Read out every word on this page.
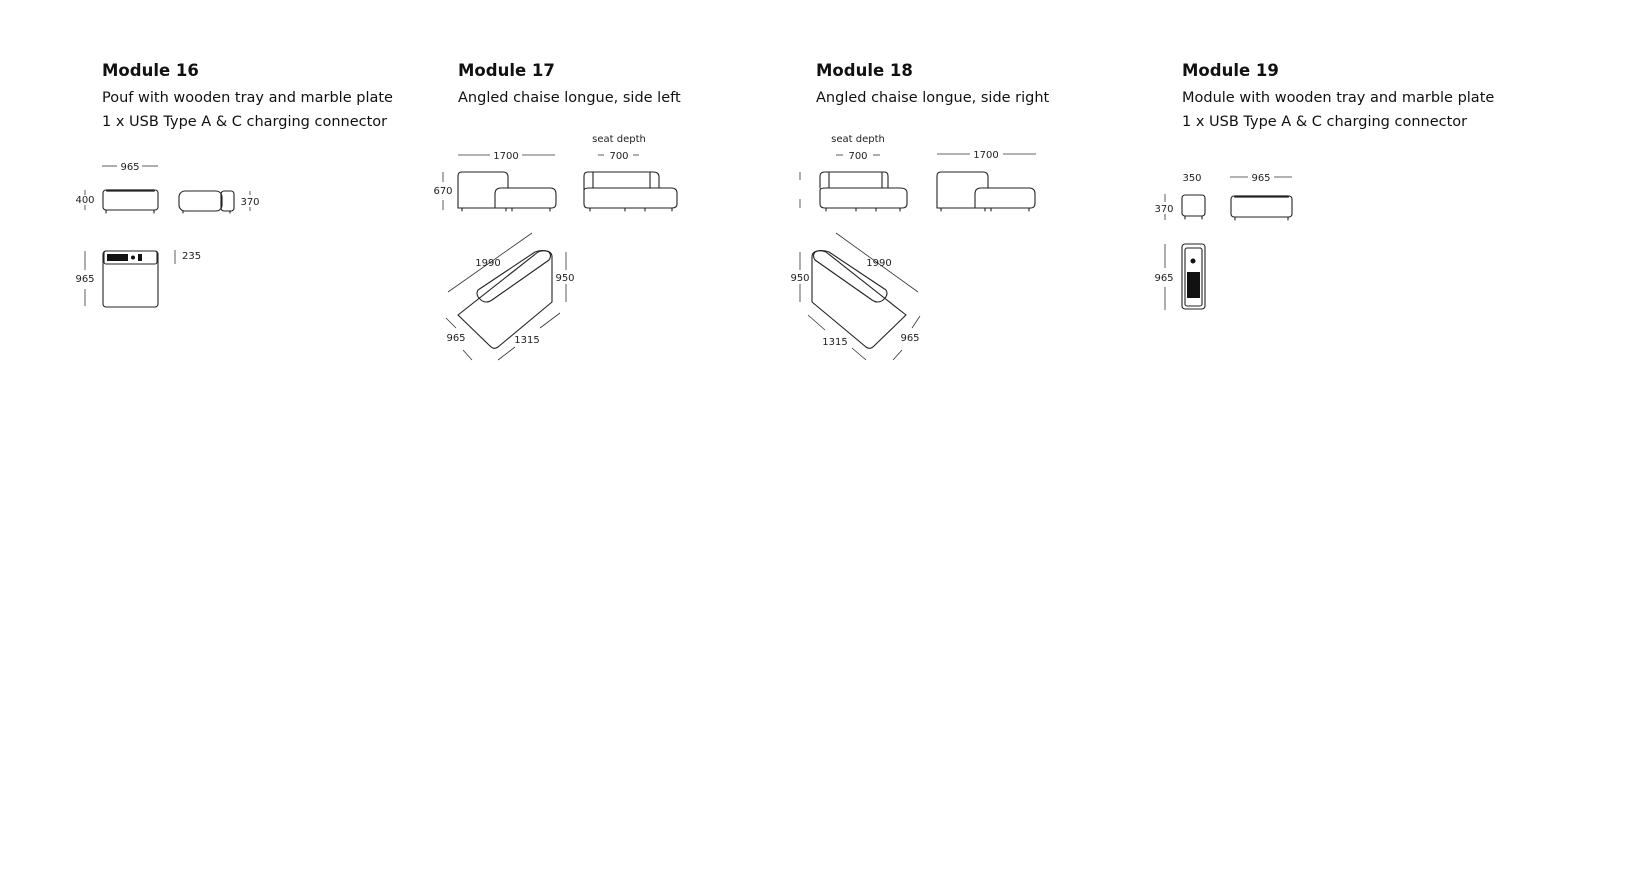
Module 16

Pouf with wooden tray and marble plate

1 x USB Type A & C charging connector

Module 17

Angled chaise longue, side left

Module 18

Angled chaise longue, side right

Module 19

Module with wooden tray and marble plate

1 x USB Type A & C charging connector

965
400	370
235
965
1700
670
seat depth
700
1990
950
965	1315
seat depth
700	1700
1990
950
965
1315
350
370
965
965
